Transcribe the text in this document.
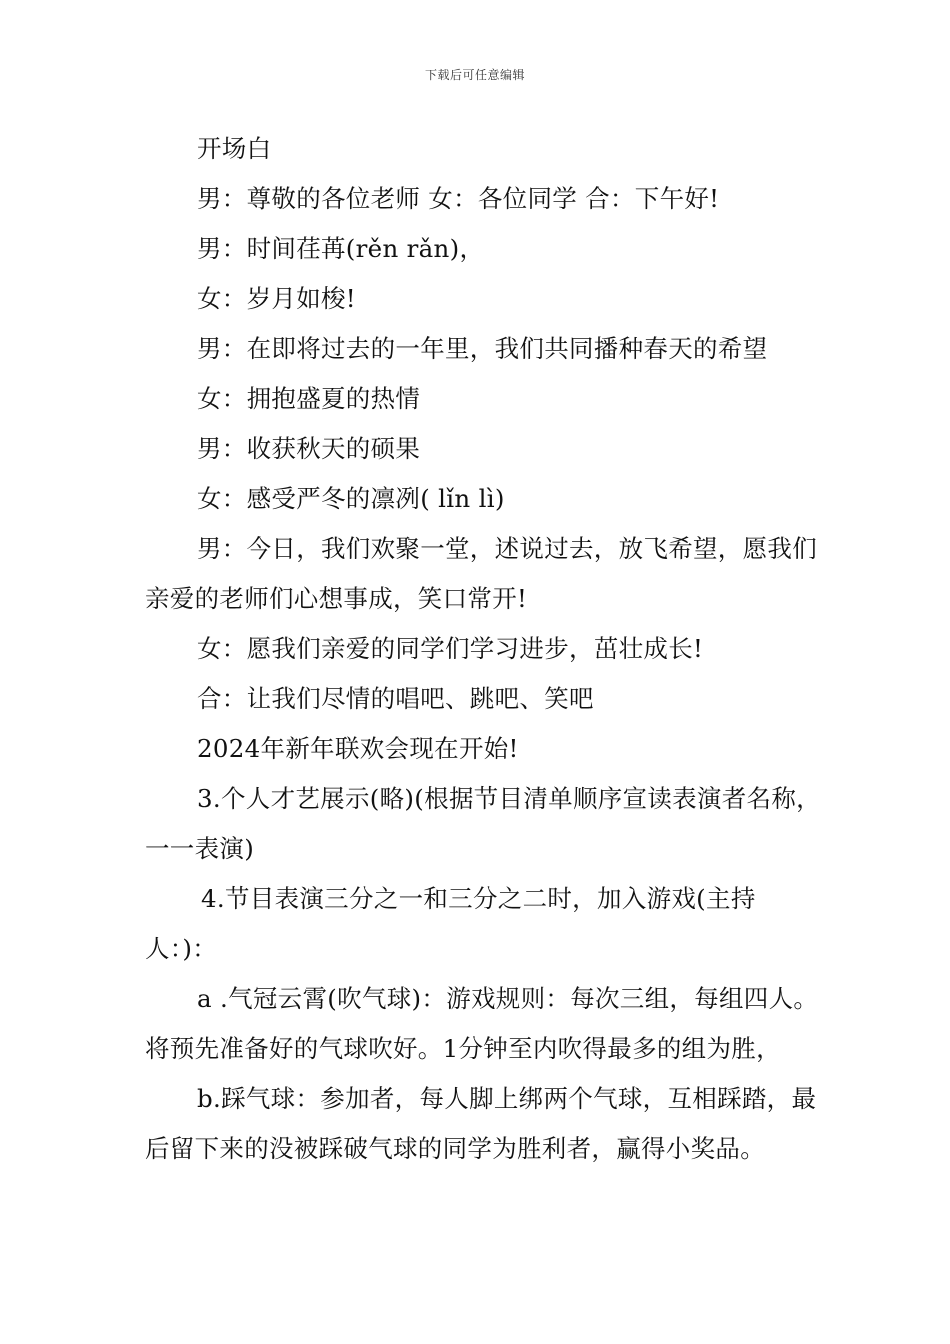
下载后可任意编辑

开场白

男：尊敬的各位老师 女：各位同学 合：下午好!

男：时间荏苒(rěn rǎn)，

女：岁月如梭!

男：在即将过去的一年里，我们共同播种春天的希望

女：拥抱盛夏的热情

男：收获秋天的硕果

女：感受严冬的凛冽( lǐn lì)

男：今日，我们欢聚一堂，述说过去，放飞希望，愿我们亲爱的老师们心想事成，笑口常开!

女：愿我们亲爱的同学们学习进步，茁壮成长!

合：让我们尽情的唱吧、跳吧、笑吧

2024年新年联欢会现在开始!

3.个人才艺展示(略)(根据节目清单顺序宣读表演者名称，一一表演)

4.节目表演三分之一和三分之二时，加入游戏(主持人：)：

a .气冠云霄(吹气球)：游戏规则：每次三组，每组四人。将预先准备好的气球吹好。1分钟至内吹得最多的组为胜，

b.踩气球：参加者，每人脚上绑两个气球，互相踩踏，最后留下来的没被踩破气球的同学为胜利者，赢得小奖品。
